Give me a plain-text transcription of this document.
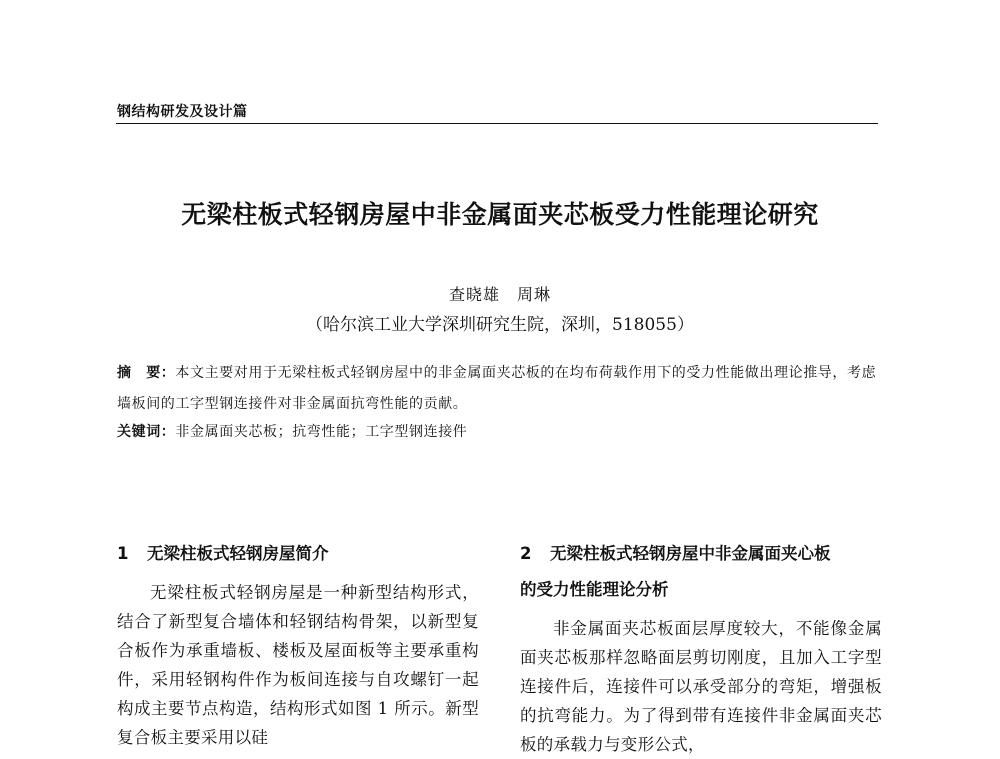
钢结构研发及设计篇
无梁柱板式轻钢房屋中非金属面夹芯板受力性能理论研究
查晓雄　周琳
（哈尔滨工业大学深圳研究生院，深圳，518055）
摘　要：本文主要对用于无梁柱板式轻钢房屋中的非金属面夹芯板的在均布荷载作用下的受力性能做出理论推导，考虑墙板间的工字型钢连接件对非金属面抗弯性能的贡献。
关键词：非金属面夹芯板；抗弯性能；工字型钢连接件
1 无梁柱板式轻钢房屋简介

无梁柱板式轻钢房屋是一种新型结构形式，结合了新型复合墙体和轻钢结构骨架，以新型复合板作为承重墙板、楼板及屋面板等主要承重构件，采用轻钢构件作为板间连接与自攻螺钉一起构成主要节点构造，结构形式如图 1 所示。新型复合板主要采用以硅

2 无梁柱板式轻钢房屋中非金属面夹心板
的受力性能理论分析

非金属面夹芯板面层厚度较大，不能像金属面夹芯板那样忽略面层剪切刚度，且加入工字型连接件后，连接件可以承受部分的弯矩，增强板的抗弯能力。为了得到带有连接件非金属面夹芯板的承载力与变形公式，
